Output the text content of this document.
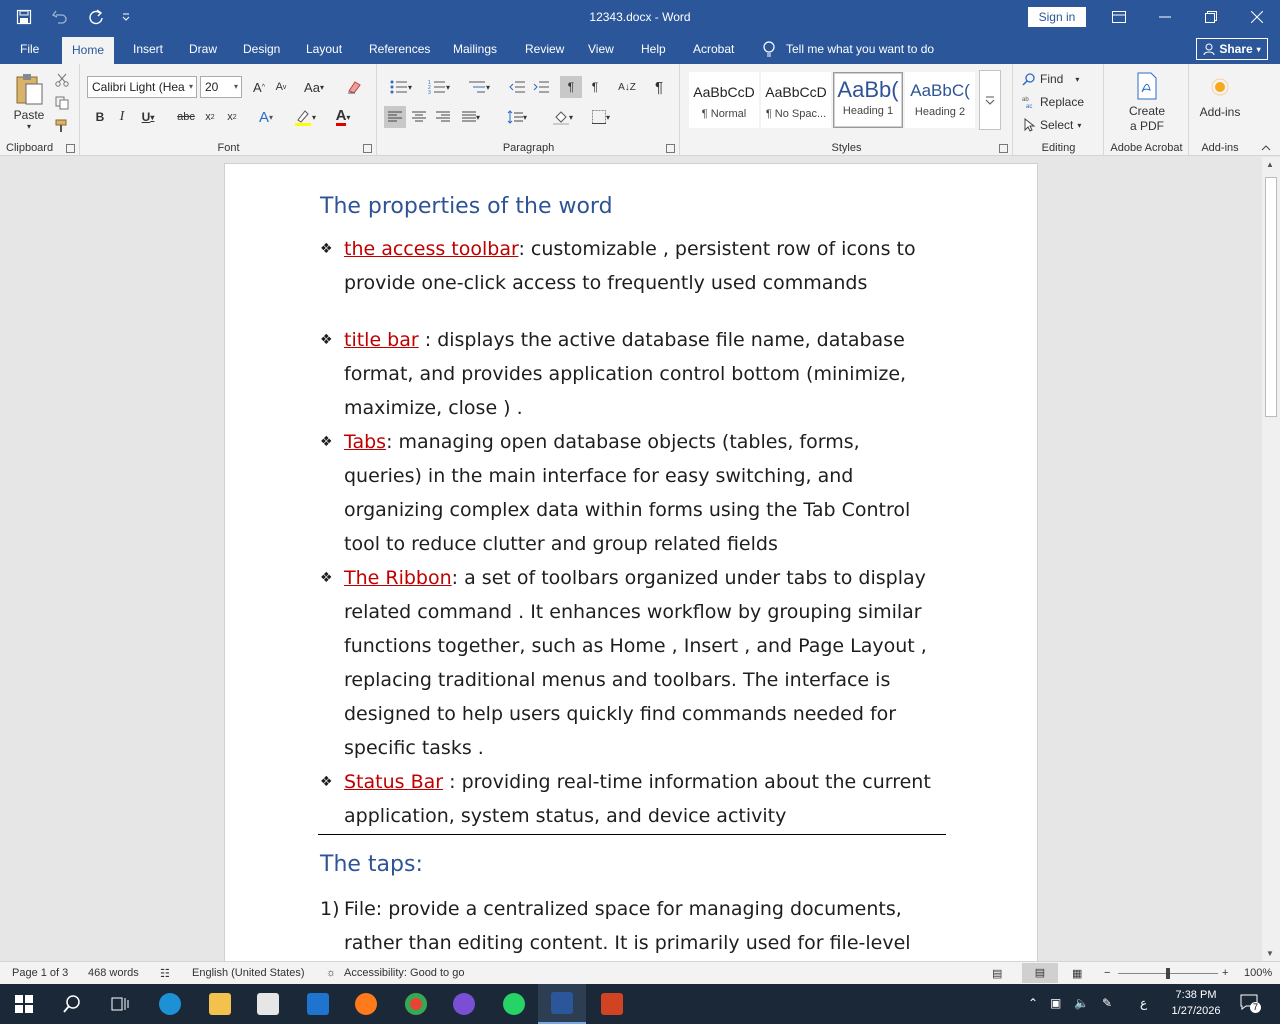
12343.docx - Word	Sign in
File	Home	Insert	Draw	Design	Layout	References	Mailings	Review	View	Help	Acrobat	Tell me what you want to do	Share ▾
Paste
▾
Clipboard
Calibri Light (Hea ▾	20 ▾	A ^ A v	Aa ▾
B	I	U ▾ abc x 2	x 2	A ▾	▾ A ▾
Font
▾	1
2
3
▾	▾	¶	¶	A↓Z	¶
▾	▾	▾	▾
Paragraph
AaBbCcD
¶ Normal
AaBbCcD
¶ No Spac...
AaBb(
Heading 1
AaBbC(
Heading 2
Styles
Find ▾
ab
ac Replace
Select ▾
Editing
Create
a PDF
Adobe Acrobat
Add-ins
Add-ins
The properties of the word
❖ the access toolbar: customizable , persistent row of icons to
provide one-click access to frequently used commands
❖ title bar : displays the active database file name, database
format, and provides application control bottom (minimize,
maximize, close ) .
❖ Tabs: managing open database objects (tables, forms,
queries) in the main interface for easy switching, and
organizing complex data within forms using the Tab Control
tool to reduce clutter and group related fields
❖ The Ribbon: a set of toolbars organized under tabs to display
related command . It enhances workflow by grouping similar
functions together, such as Home , Insert , and Page Layout ,
replacing traditional menus and toolbars. The interface is
designed to help users quickly find commands needed for
specific tasks .
❖ Status Bar : providing real-time information about the current
application, system status, and device activity
The taps:
1) File: provide a centralized space for managing documents,
rather than editing content. It is primarily used for file-level
▲
▼
Page 1 of 3 468 words ☷ English (United States) ☼ Accessibility: Good to go	▤	▤	▦ −	+ 100%
⌃ ▣ 🔈 ✎ ع
7:38 PM
1/27/2026	7
